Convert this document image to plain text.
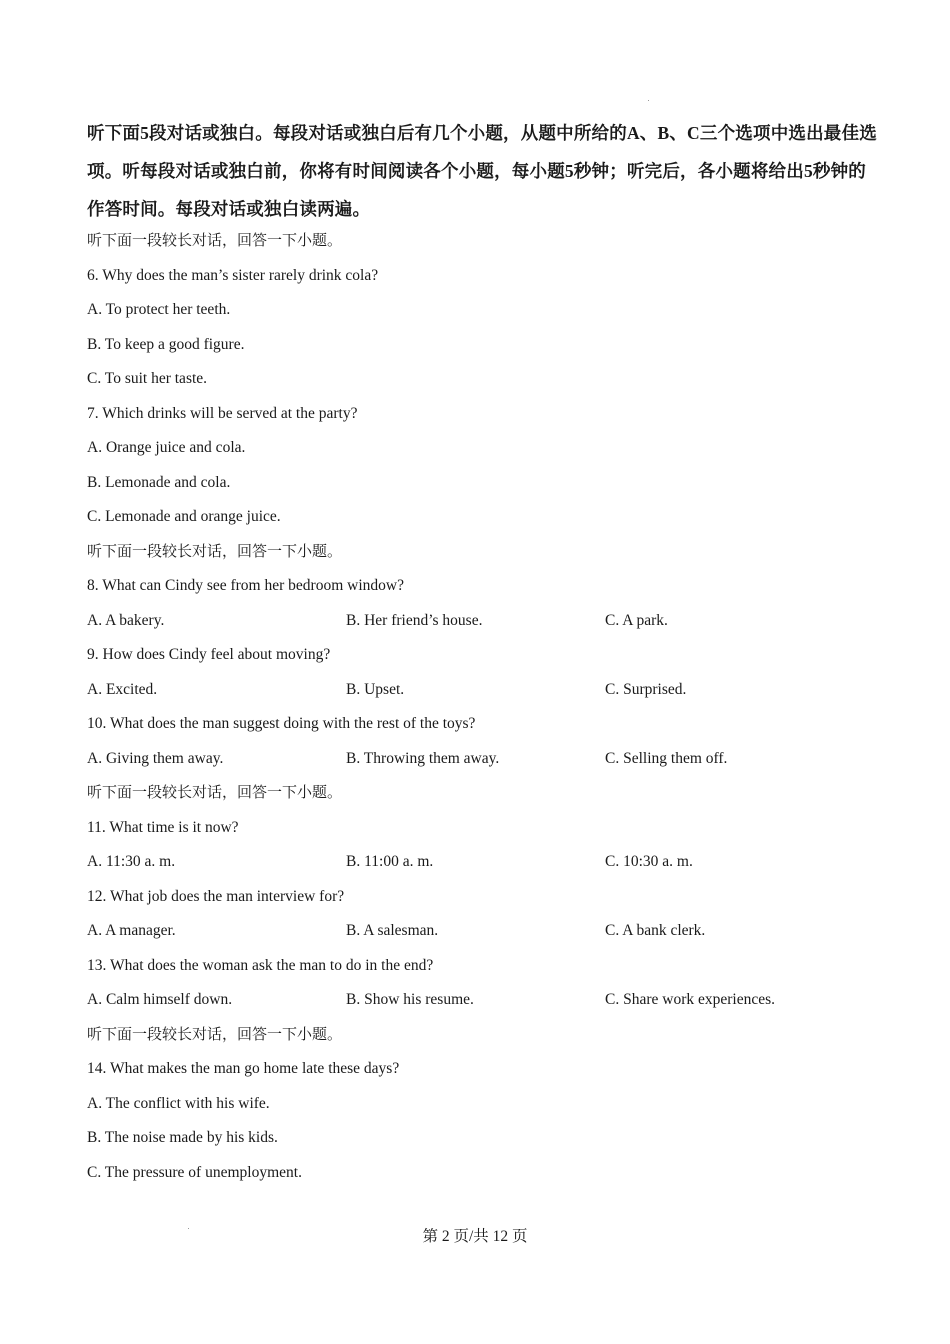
听下面5段对话或独白。每段对话或独白后有几个小题，从题中所给的A、B、C三个选项中选出最佳选项。听每段对话或独白前，你将有时间阅读各个小题，每小题5秒钟；听完后，各小题将给出5秒钟的作答时间。每段对话或独白读两遍。
听下面一段较长对话，回答一下小题。
6. Why does the man’s sister rarely drink cola?
A. To protect her teeth.
B. To keep a good figure.
C. To suit her taste.
7. Which drinks will be served at the party?
A. Orange juice and cola.
B. Lemonade and cola.
C. Lemonade and orange juice.
听下面一段较长对话，回答一下小题。
8. What can Cindy see from her bedroom window?
A. A bakery.	B. Her friend’s house.	C. A park.
9. How does Cindy feel about moving?
A. Excited.	B. Upset.	C. Surprised.
10. What does the man suggest doing with the rest of the toys?
A. Giving them away.	B. Throwing them away.	C. Selling them off.
听下面一段较长对话，回答一下小题。
11. What time is it now?
A. 11:30 a. m.	B. 11:00 a. m.	C. 10:30 a. m.
12. What job does the man interview for?
A. A manager.	B. A salesman.	C. A bank clerk.
13. What does the woman ask the man to do in the end?
A. Calm himself down.	B. Show his resume.	C. Share work experiences.
听下面一段较长对话，回答一下小题。
14. What makes the man go home late these days?
A. The conflict with his wife.
B. The noise made by his kids.
C. The pressure of unemployment.
第 2 页/共 12 页
